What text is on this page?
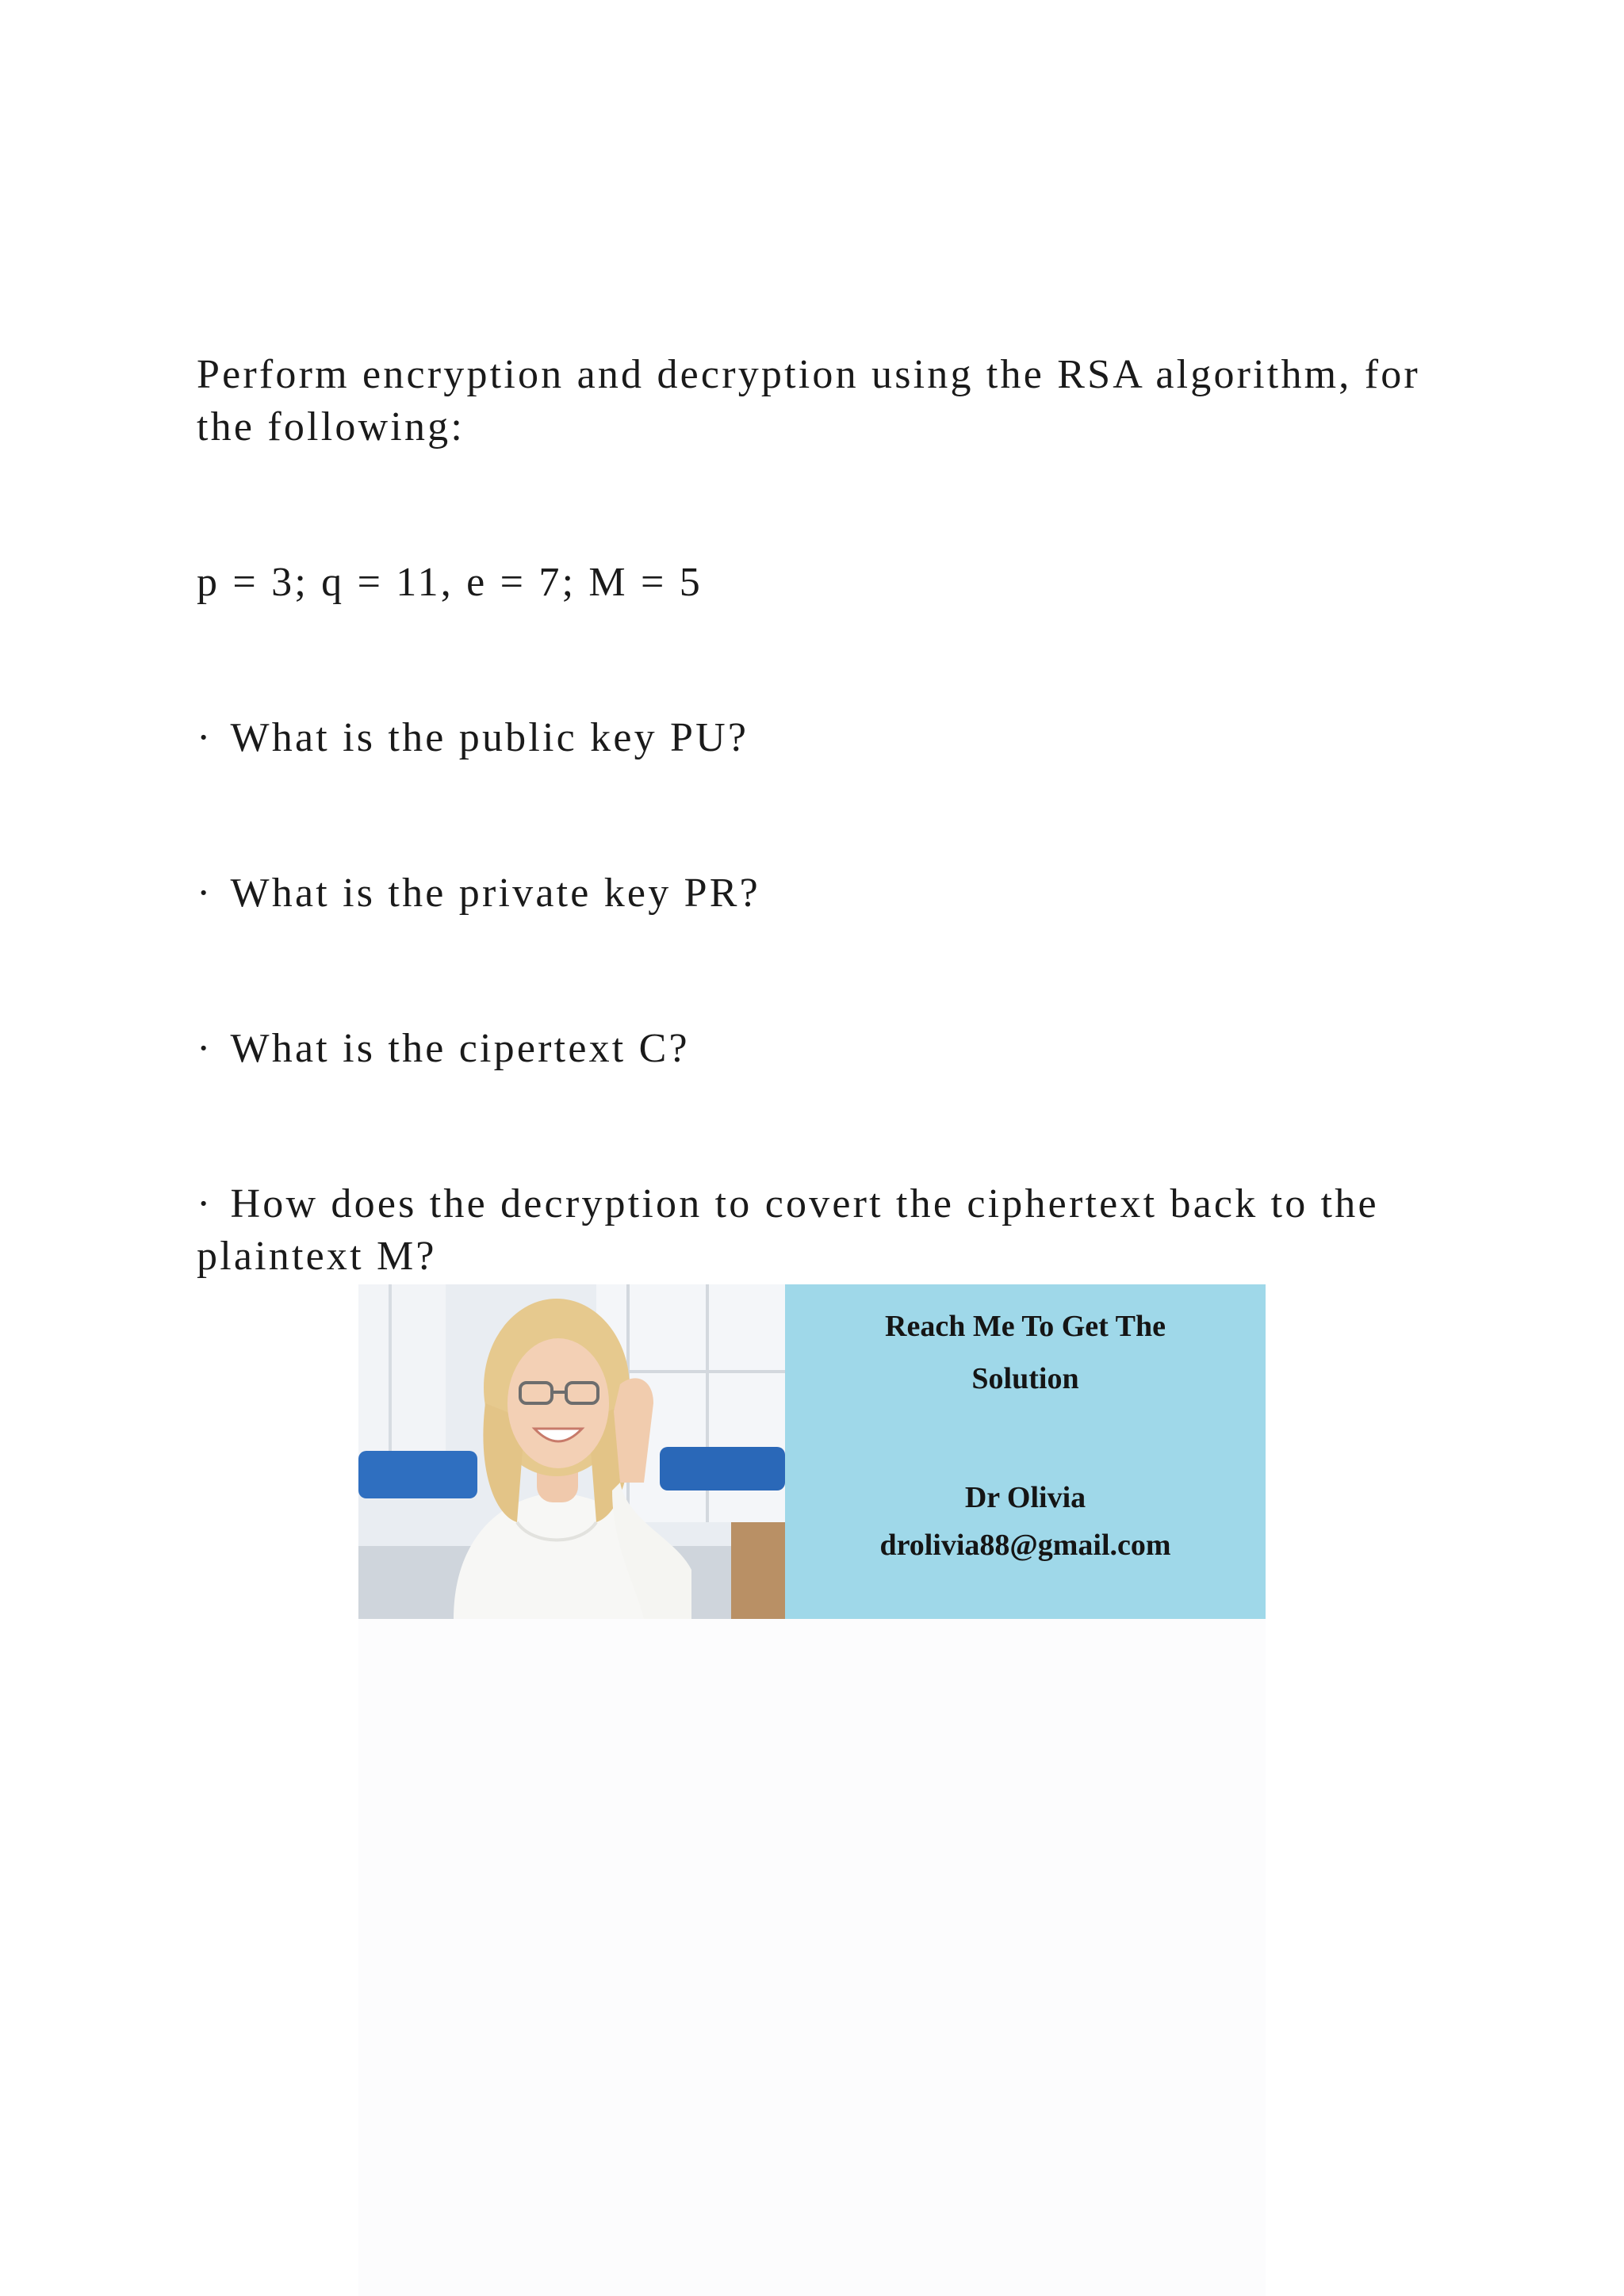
Perform encryption and decryption using the RSA algorithm, for

the following:

p = 3; q = 11, e = 7; M = 5

· What is the public key PU?

· What is the private key PR?

· What is the cipertext C?

· How does the decryption to covert the ciphertext back to the

plaintext M?

Reach Me To Get The
Solution
Dr Olivia
drolivia88@gmail.com
